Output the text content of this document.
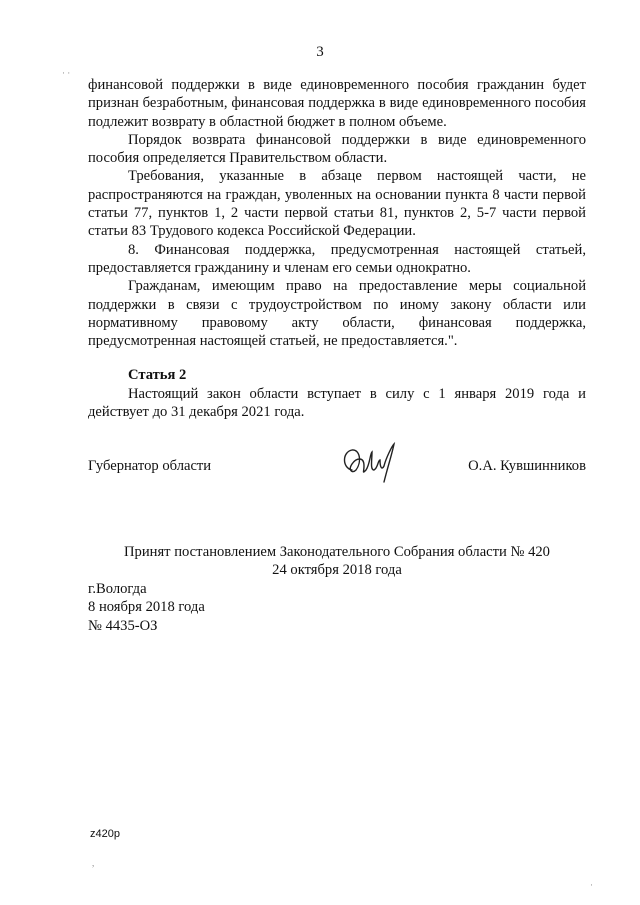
3

финансовой поддержки в виде единовременного пособия гражданин будет признан безработным, финансовая поддержка в виде единовременного пособия подлежит возврату в областной бюджет в полном объеме.

Порядок возврата финансовой поддержки в виде единовременного пособия определяется Правительством области.

Требования, указанные в абзаце первом настоящей части, не распространяются на граждан, уволенных на основании пункта 8 части первой статьи 77, пунктов 1, 2 части первой статьи 81, пунктов 2, 5-7 части первой статьи 83 Трудового кодекса Российской Федерации.

8. Финансовая поддержка, предусмотренная настоящей статьей, предоставляется гражданину и членам его семьи однократно.

Гражданам, имеющим право на предоставление меры социальной поддержки в связи с трудоустройством по иному закону области или нормативному правовому акту области, финансовая поддержка, предусмотренная настоящей статьей, не предоставляется.".

Статья 2

Настоящий закон области вступает в силу с 1 января 2019 года и действует до 31 декабря 2021 года.

Губернатор области	О.А. Кувшинников

Принят постановлением Законодательного Собрания области № 420

24 октября 2018 года

г.Вологда

8 ноября 2018 года

№ 4435-ОЗ

z420p
· ·
,
·
